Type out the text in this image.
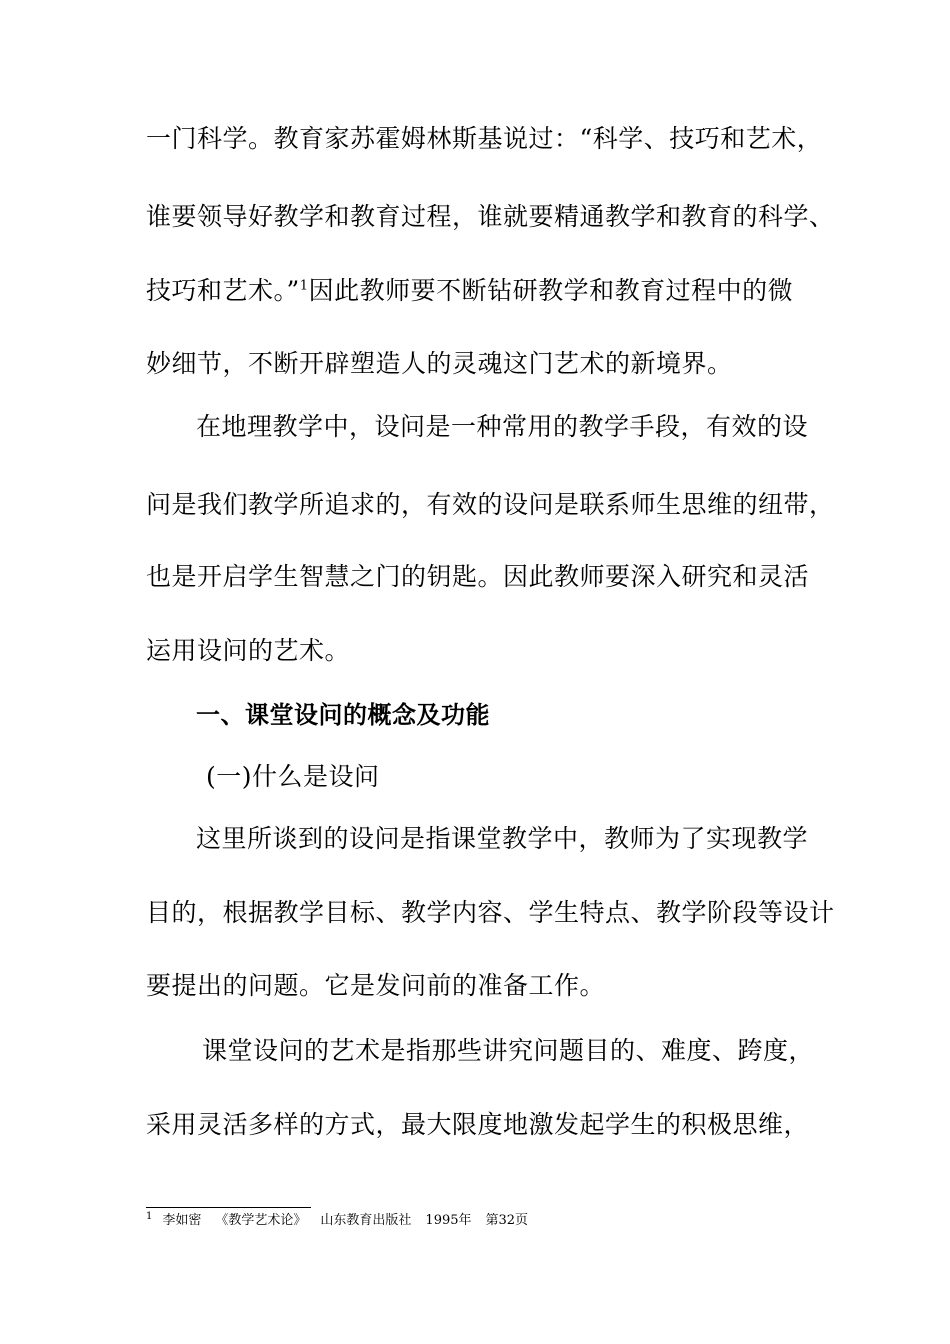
一门科学。教育家苏霍姆林斯基说过：“科学、技巧和艺术，
谁要领导好教学和教育过程，谁就要精通教学和教育的科学、
技巧和艺术。”$^1$因此教师要不断钻研教学和教育过程中的微
妙细节，不断开辟塑造人的灵魂这门艺术的新境界。
在地理教学中，设问是一种常用的教学手段，有效的设
问是我们教学所追求的，有效的设问是联系师生思维的纽带，
也是开启学生智慧之门的钥匙。因此教师要深入研究和灵活
运用设问的艺术。
一、课堂设问的概念及功能
(一)什么是设问
这里所谈到的设问是指课堂教学中，教师为了实现教学
目的，根据教学目标、教学内容、学生特点、教学阶段等设计
要提出的问题。它是发问前的准备工作。
课堂设问的艺术是指那些讲究问题目的、难度、跨度，
采用灵活多样的方式，最大限度地激发起学生的积极思维，
$^1$ 李如密 《教学艺术论》 山东教育出版社 1995年 第32页
